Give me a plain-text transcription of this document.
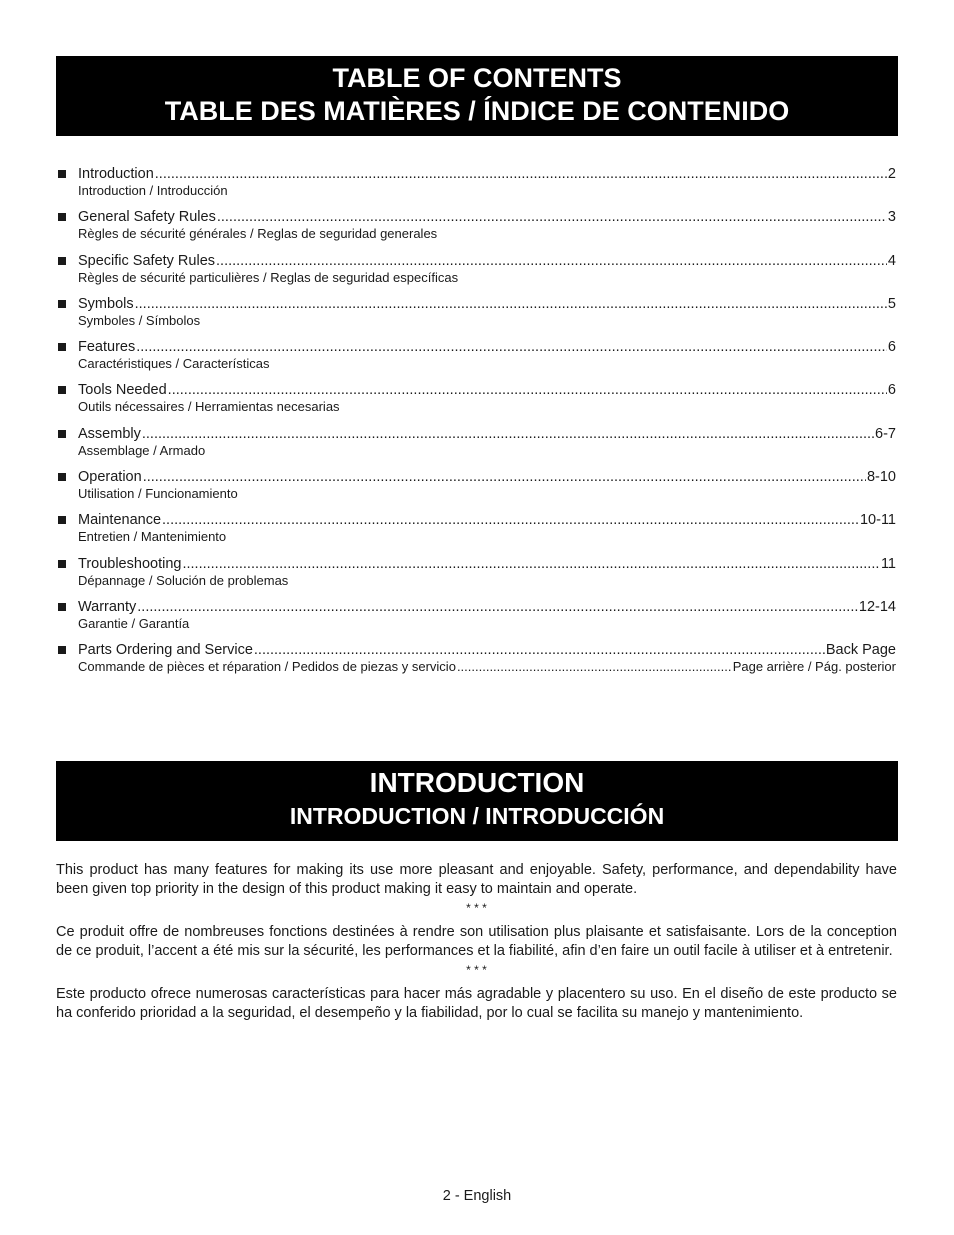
TABLE OF CONTENTS
TABLE DES MATIÈRES / ÍNDICE DE CONTENIDO
Introduction .....	2
Introduction / Introducción
General Safety Rules .....	3
Règles de sécurité générales / Reglas de seguridad generales
Specific Safety Rules .....	4
Règles de sécurité particulières / Reglas de seguridad específicas
Symbols .....	5
Symboles / Símbolos
Features .....	6
Caractéristiques / Características
Tools Needed .....	6
Outils nécessaires / Herramientas necesarias
Assembly .....	6-7
Assemblage / Armado
Operation .....	8-10
Utilisation / Funcionamiento
Maintenance .....	10-11
Entretien / Mantenimiento
Troubleshooting .....	11
Dépannage / Solución de problemas
Warranty .....	12-14
Garantie / Garantía
Parts Ordering and Service .....	Back Page
Commande de pièces et réparation / Pedidos de piezas y servicio .....	Page arrière / Pág. posterior
INTRODUCTION
INTRODUCTION / INTRODUCCIÓN

This product has many features for making its use more pleasant and enjoyable. Safety, performance, and dependability have been given top priority in the design of this product making it easy to maintain and operate.

* * *

Ce produit offre de nombreuses fonctions destinées à rendre son utilisation plus plaisante et satisfaisante. Lors de la conception de ce produit, l’accent a été mis sur la sécurité, les performances et la fiabilité, afin d’en faire un outil facile à utiliser et à entretenir.

* * *

Este producto ofrece numerosas características para hacer más agradable y placentero su uso. En el diseño de este producto se ha conferido prioridad a la seguridad, el desempeño y la fiabilidad, por lo cual se facilita su manejo y mantenimiento.

2 - English
